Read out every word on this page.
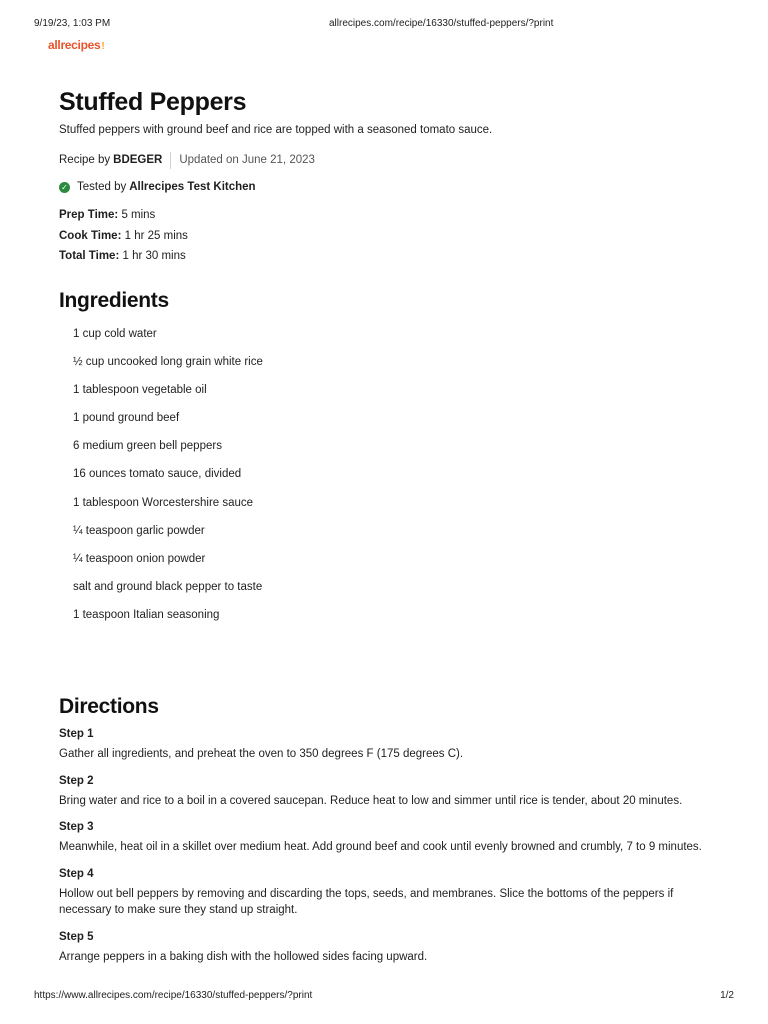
9/19/23, 1:03 PM	allrecipes.com/recipe/16330/stuffed-peppers/?print
allrecipes!
Stuffed Peppers
Stuffed peppers with ground beef and rice are topped with a seasoned tomato sauce.
Recipe by BDEGER Updated on June 21, 2023
✓ Tested by Allrecipes Test Kitchen
Prep Time: 5 mins
Cook Time: 1 hr 25 mins
Total Time: 1 hr 30 mins
Ingredients
1 cup cold water
½ cup uncooked long grain white rice
1 tablespoon vegetable oil
1 pound ground beef
6 medium green bell peppers
16 ounces tomato sauce, divided
1 tablespoon Worcestershire sauce
¼ teaspoon garlic powder
¼ teaspoon onion powder
salt and ground black pepper to taste
1 teaspoon Italian seasoning
Directions
Step 1
Gather all ingredients, and preheat the oven to 350 degrees F (175 degrees C).
Step 2
Bring water and rice to a boil in a covered saucepan. Reduce heat to low and simmer until rice is tender, about 20 minutes.
Step 3
Meanwhile, heat oil in a skillet over medium heat. Add ground beef and cook until evenly browned and crumbly, 7 to 9 minutes.
Step 4
Hollow out bell peppers by removing and discarding the tops, seeds, and membranes. Slice the bottoms of the peppers if necessary to make sure they stand up straight.
Step 5
Arrange peppers in a baking dish with the hollowed sides facing upward.
https://www.allrecipes.com/recipe/16330/stuffed-peppers/?print	1/2
